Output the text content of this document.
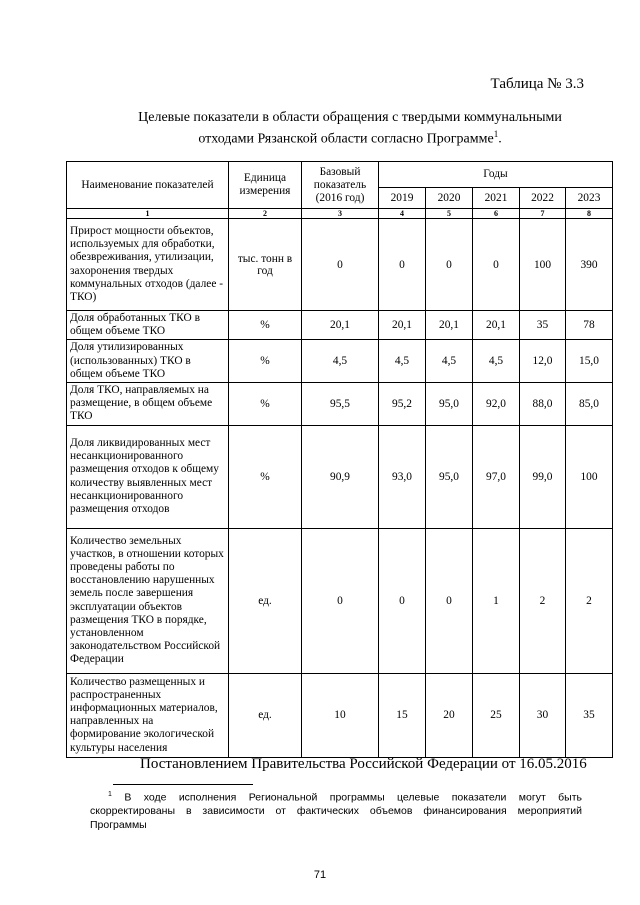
Таблица № 3.3
Целевые показатели в области обращения с твердыми коммунальными отходами Рязанской области согласно Программе$^1$.
Наименование показателей	Единица измерения	Базовый показатель (2016 год)	Годы				
			2019	2020	2021	2022	2023
1	2	3	4	5	6	7	8
Прирост мощности объектов, используемых для обработки, обезвреживания, утилизации, захоронения твердых коммунальных отходов (далее - ТКО)	тыс. тонн в год	0	0	0	0	100	390
Доля обработанных ТКО в общем объеме ТКО	%	20,1	20,1	20,1	20,1	35	78
Доля утилизированных (использованных) ТКО в общем объеме ТКО	%	4,5	4,5	4,5	4,5	12,0	15,0
Доля ТКО, направляемых на размещение, в общем объеме ТКО	%	95,5	95,2	95,0	92,0	88,0	85,0
Доля ликвидированных мест несанкционированного размещения отходов к общему количеству выявленных мест несанкционированного размещения отходов	%	90,9	93,0	95,0	97,0	99,0	100
Количество земельных участков, в отношении которых проведены работы по восстановлению нарушенных земель после завершения эксплуатации объектов размещения ТКО в порядке, установленном законодательством Российской Федерации	ед.	0	0	0	1	2	2
Количество размещенных и распространенных информационных материалов, направленных на формирование экологической культуры населения	ед.	10	15	20	25	30	35
Постановлением Правительства Российской Федерации от 16.05.2016
$^1$ В ходе исполнения Региональной программы целевые показатели могут быть скорректированы в зависимости от фактических объемов финансирования мероприятий Программы
71
